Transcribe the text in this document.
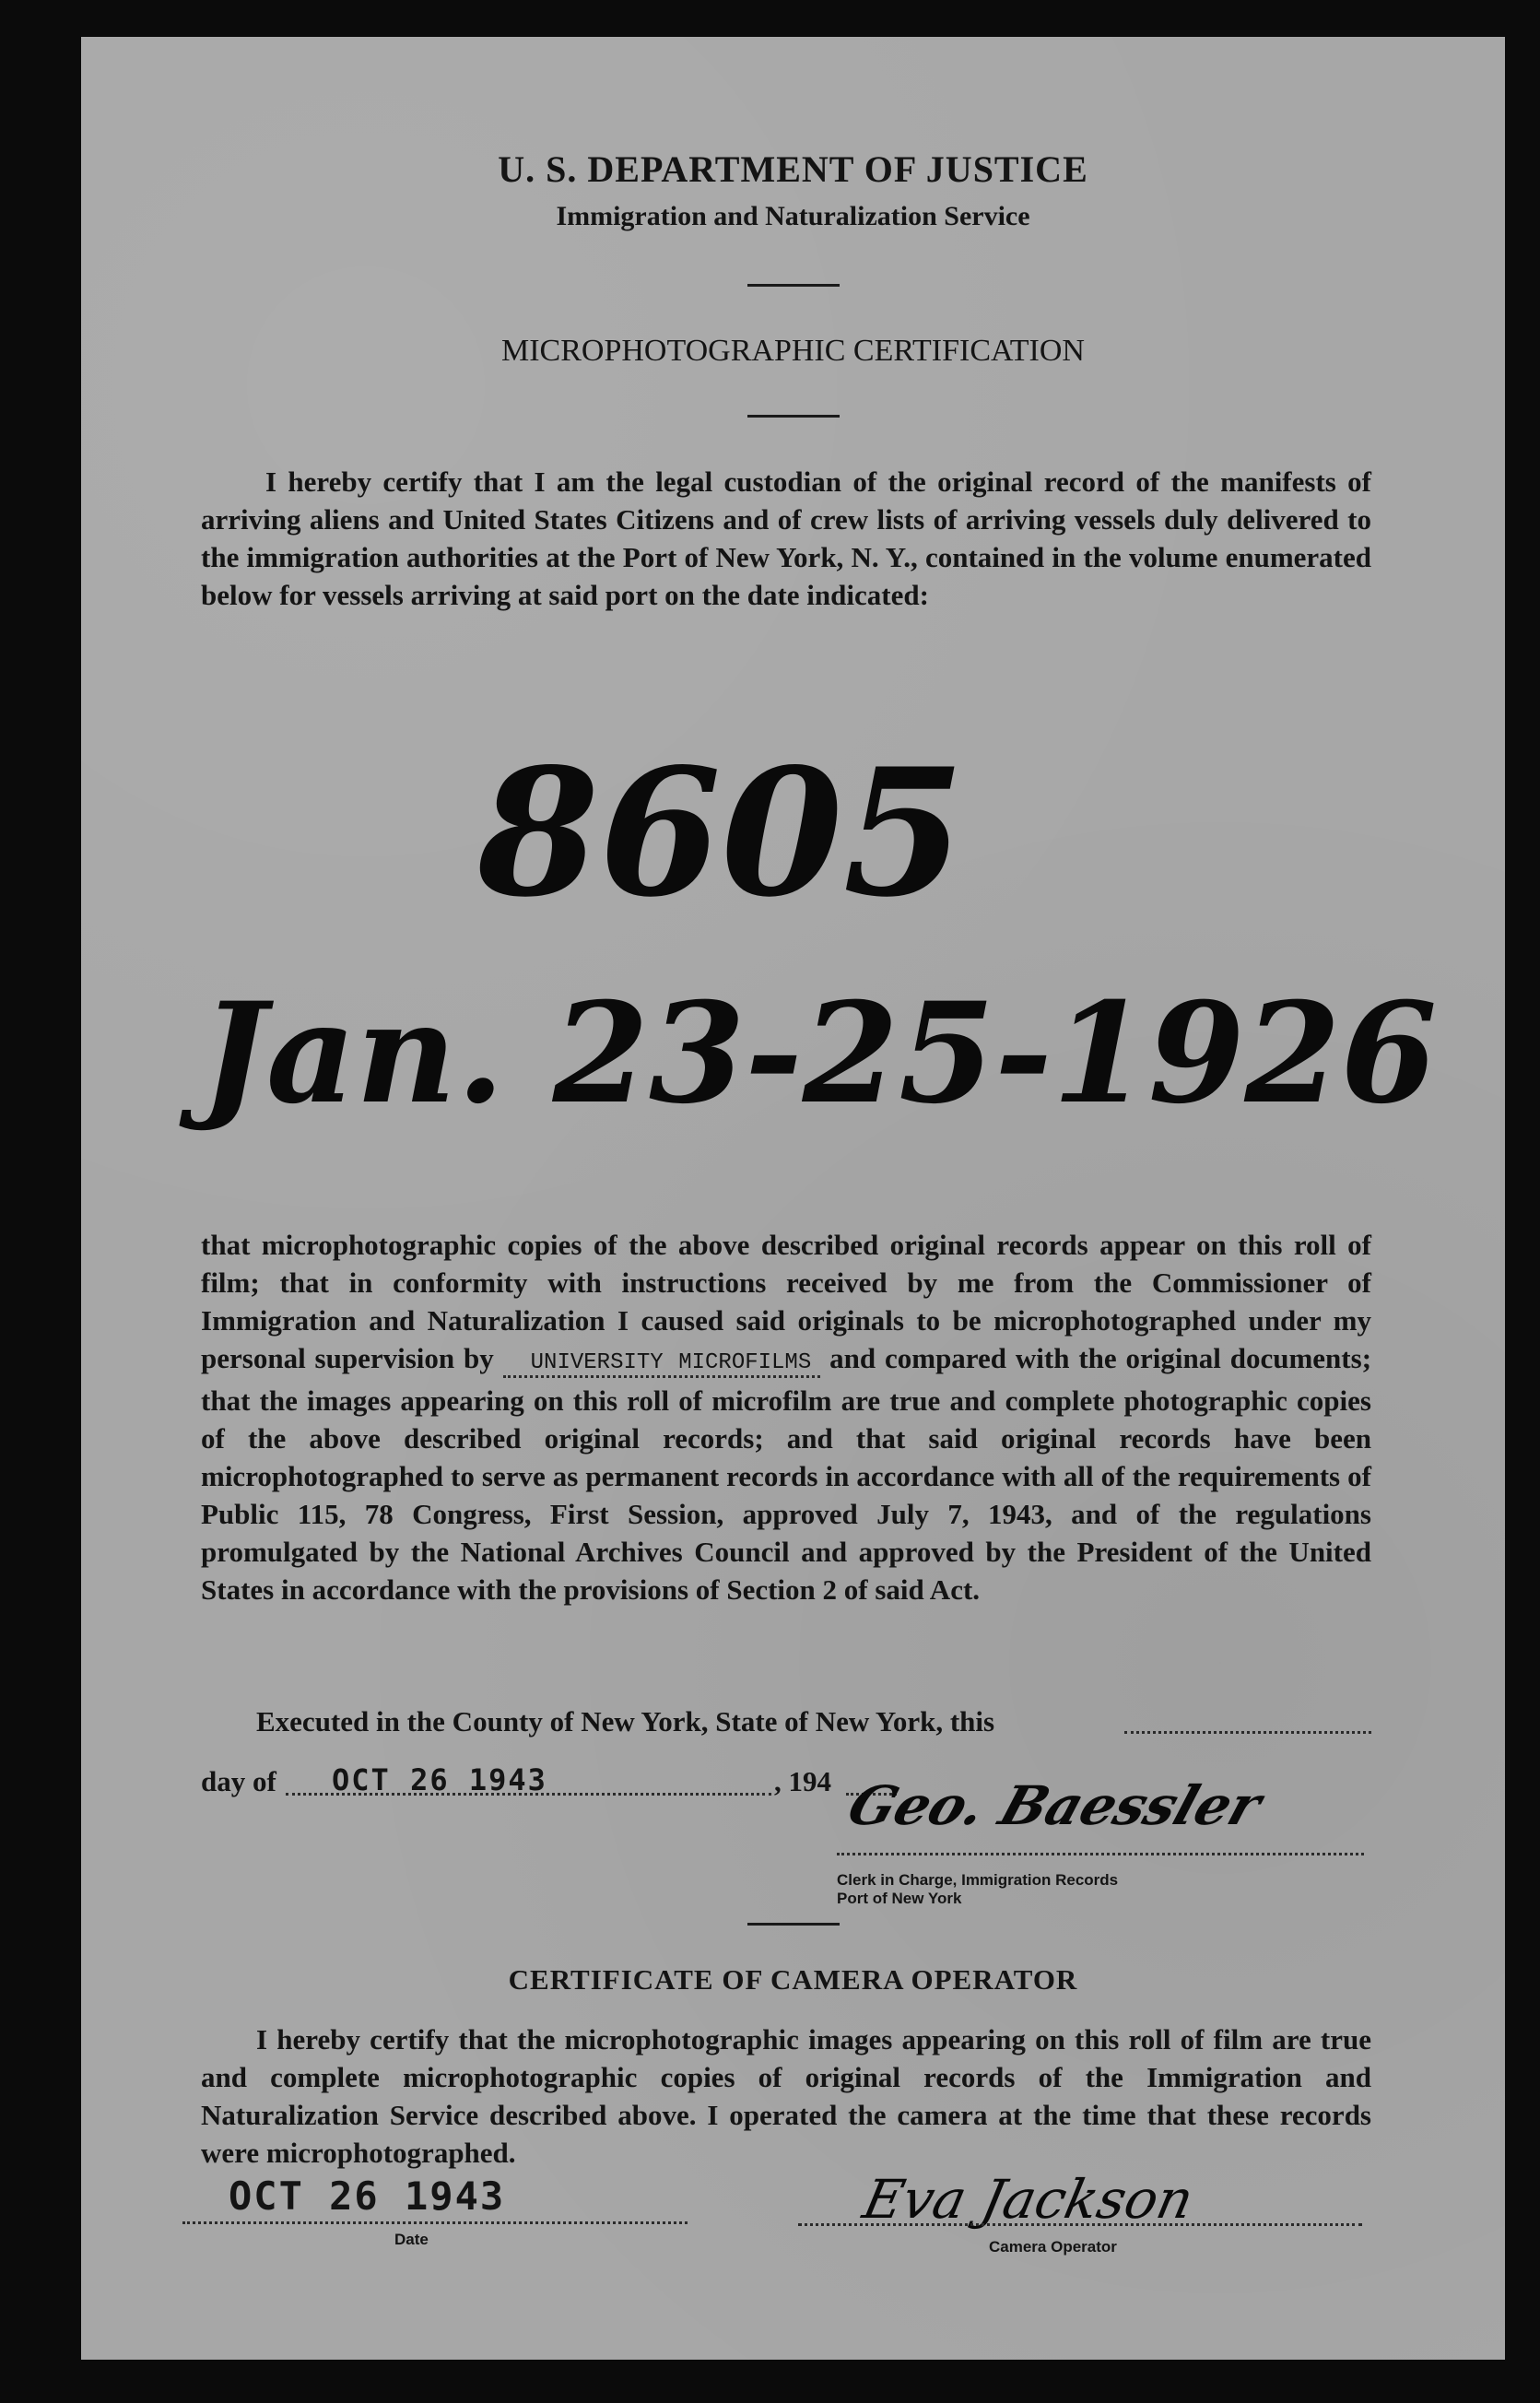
U. S. DEPARTMENT OF JUSTICE
Immigration and Naturalization Service
MICROPHOTOGRAPHIC CERTIFICATION
I hereby certify that I am the legal custodian of the original record of the manifests of arriving aliens and United States Citizens and of crew lists of arriving vessels duly delivered to the immigration authorities at the Port of New York, N. Y., contained in the volume enumerated below for vessels arriving at said port on the date indicated:
8605
Jan. 23-25-1926
that microphotographic copies of the above described original records appear on this roll of film; that in conformity with instructions received by me from the Commissioner of Immigration and Naturalization I caused said originals to be microphotographed under my personal supervision by UNIVERSITY MICROFILMS and compared with the original documents; that the images appearing on this roll of microfilm are true and complete photographic copies of the above described original records; and that said original records have been microphotographed to serve as permanent records in accordance with all of the requirements of Public 115, 78 Congress, First Session, approved July 7, 1943, and of the regulations promulgated by the National Archives Council and approved by the President of the United States in accordance with the provisions of Section 2 of said Act.
Executed in the County of New York, State of New York, this
day of OCT 26 1943	, 194 Geo. Baessler
Clerk in Charge, Immigration Records
Port of New York
CERTIFICATE OF CAMERA OPERATOR
I hereby certify that the microphotographic images appearing on this roll of film are true and complete microphotographic copies of original records of the Immigration and Naturalization Service described above. I operated the camera at the time that these records were microphotographed.
OCT 26 1943
Date
Eva Jackson
Camera Operator
